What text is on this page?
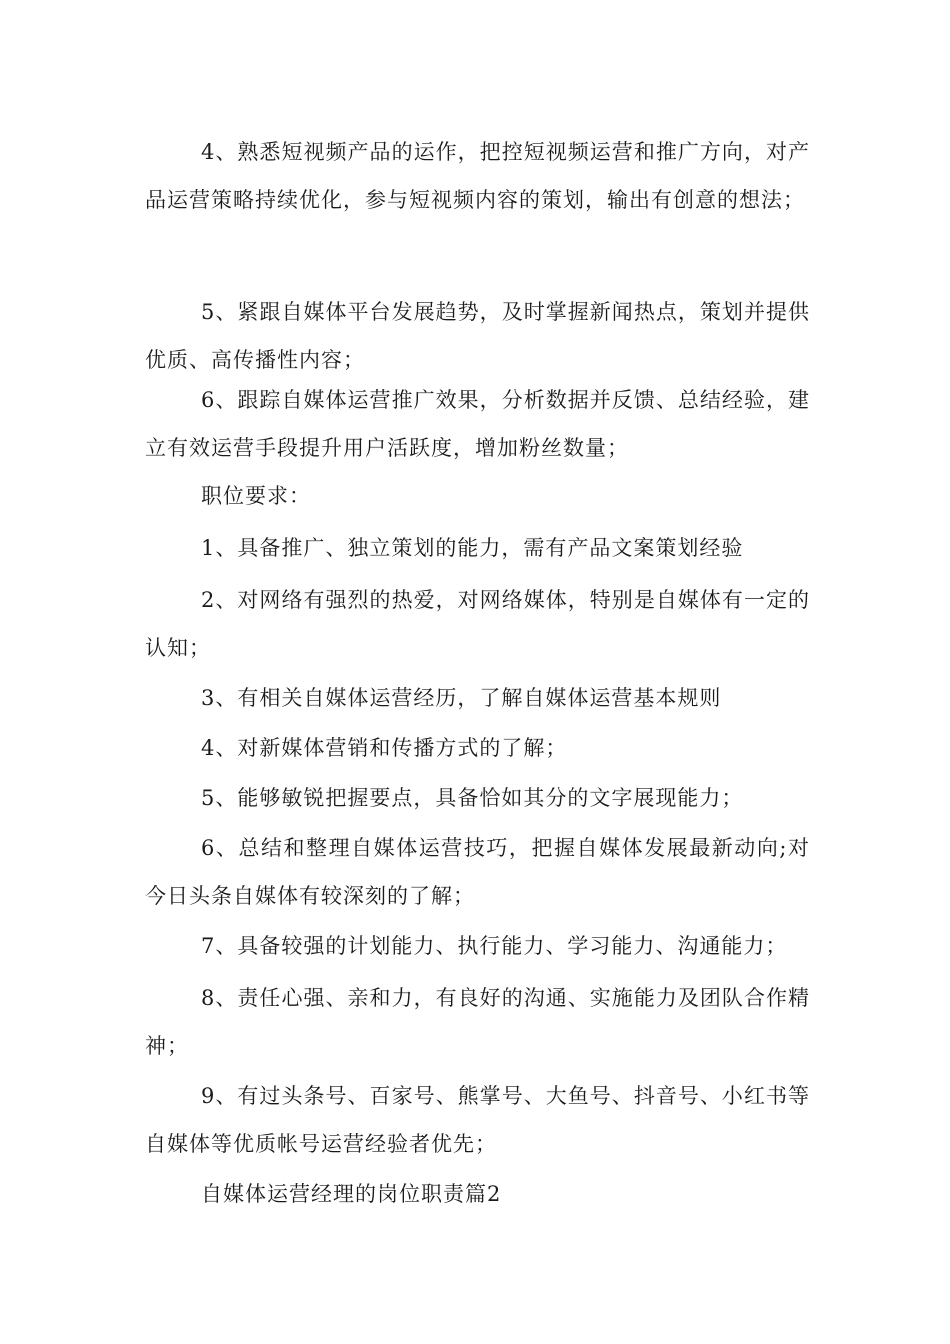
4、熟悉短视频产品的运作，把控短视频运营和推广方向，对产品运营策略持续优化，参与短视频内容的策划，输出有创意的想法；

5、紧跟自媒体平台发展趋势，及时掌握新闻热点，策划并提供优质、高传播性内容；

6、跟踪自媒体运营推广效果，分析数据并反馈、总结经验，建立有效运营手段提升用户活跃度，增加粉丝数量；

职位要求：

1、具备推广、独立策划的能力，需有产品文案策划经验

2、对网络有强烈的热爱，对网络媒体，特别是自媒体有一定的认知；

3、有相关自媒体运营经历，了解自媒体运营基本规则

4、对新媒体营销和传播方式的了解；

5、能够敏锐把握要点，具备恰如其分的文字展现能力；

6、总结和整理自媒体运营技巧，把握自媒体发展最新动向;对今日头条自媒体有较深刻的了解；

7、具备较强的计划能力、执行能力、学习能力、沟通能力；

8、责任心强、亲和力，有良好的沟通、实施能力及团队合作精神；

9、有过头条号、百家号、熊掌号、大鱼号、抖音号、小红书等自媒体等优质帐号运营经验者优先；

自媒体运营经理的岗位职责篇2
